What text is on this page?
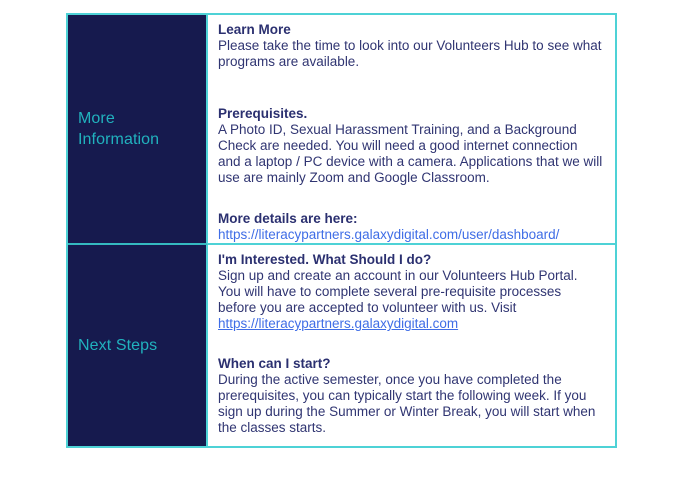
More Information
Learn More
Please take the time to look into our Volunteers Hub to see what programs are available.
Prerequisites.
A Photo ID, Sexual Harassment Training, and a Background Check are needed. You will need a good internet connection and a laptop / PC device with a camera. Applications that we will use are mainly Zoom and Google Classroom.
More details are here:
https://literacypartners.galaxydigital.com/user/dashboard/
Next Steps
I'm Interested. What Should I do?
Sign up and create an account in our Volunteers Hub Portal. You will have to complete several pre-requisite processes before you are accepted to volunteer with us. Visit
https://literacypartners.galaxydigital.com
When can I start?
During the active semester, once you have completed the prerequisites, you can typically start the following week. If you sign up during the Summer or Winter Break, you will start when the classes starts.
